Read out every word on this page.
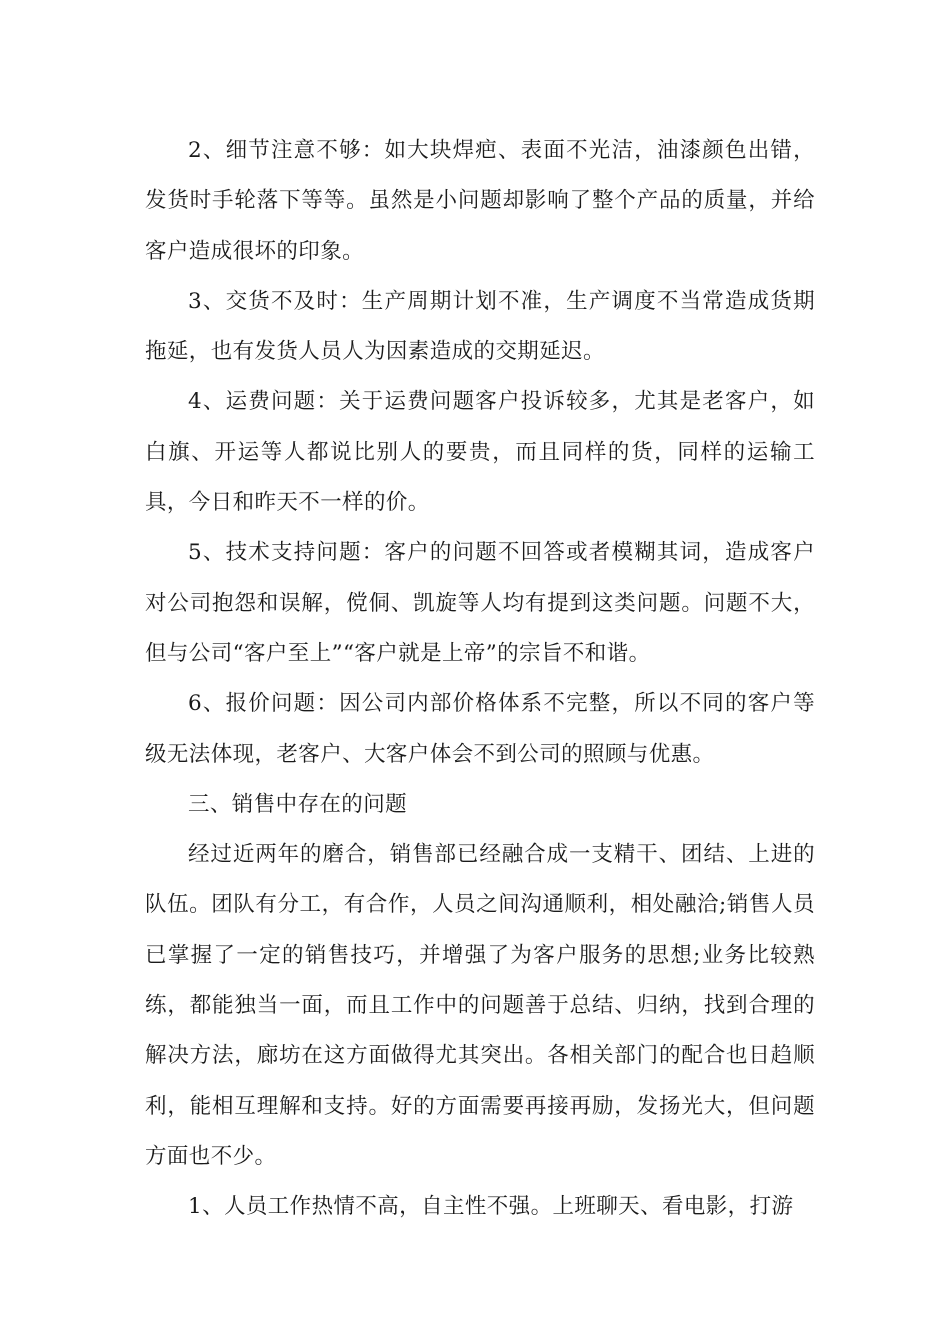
2、细节注意不够：如大块焊疤、表面不光洁，油漆颜色出错，发货时手轮落下等等。虽然是小问题却影响了整个产品的质量，并给客户造成很坏的印象。

3、交货不及时：生产周期计划不准，生产调度不当常造成货期拖延，也有发货人员人为因素造成的交期延迟。

4、运费问题：关于运费问题客户投诉较多，尤其是老客户，如白旗、开运等人都说比别人的要贵，而且同样的货，同样的运输工具，今日和昨天不一样的价。

5、技术支持问题：客户的问题不回答或者模糊其词，造成客户对公司抱怨和误解，傥侗、凯旋等人均有提到这类问题。问题不大，但与公司“客户至上”“客户就是上帝”的宗旨不和谐。

6、报价问题：因公司内部价格体系不完整，所以不同的客户等级无法体现，老客户、大客户体会不到公司的照顾与优惠。

三、销售中存在的问题

经过近两年的磨合，销售部已经融合成一支精干、团结、上进的队伍。团队有分工，有合作，人员之间沟通顺利，相处融洽;销售人员已掌握了一定的销售技巧，并增强了为客户服务的思想;业务比较熟练，都能独当一面，而且工作中的问题善于总结、归纳，找到合理的解决方法，廊坊在这方面做得尤其突出。各相关部门的配合也日趋顺利，能相互理解和支持。好的方面需要再接再励，发扬光大，但问题方面也不少。

1、人员工作热情不高，自主性不强。上班聊天、看电影，打游
